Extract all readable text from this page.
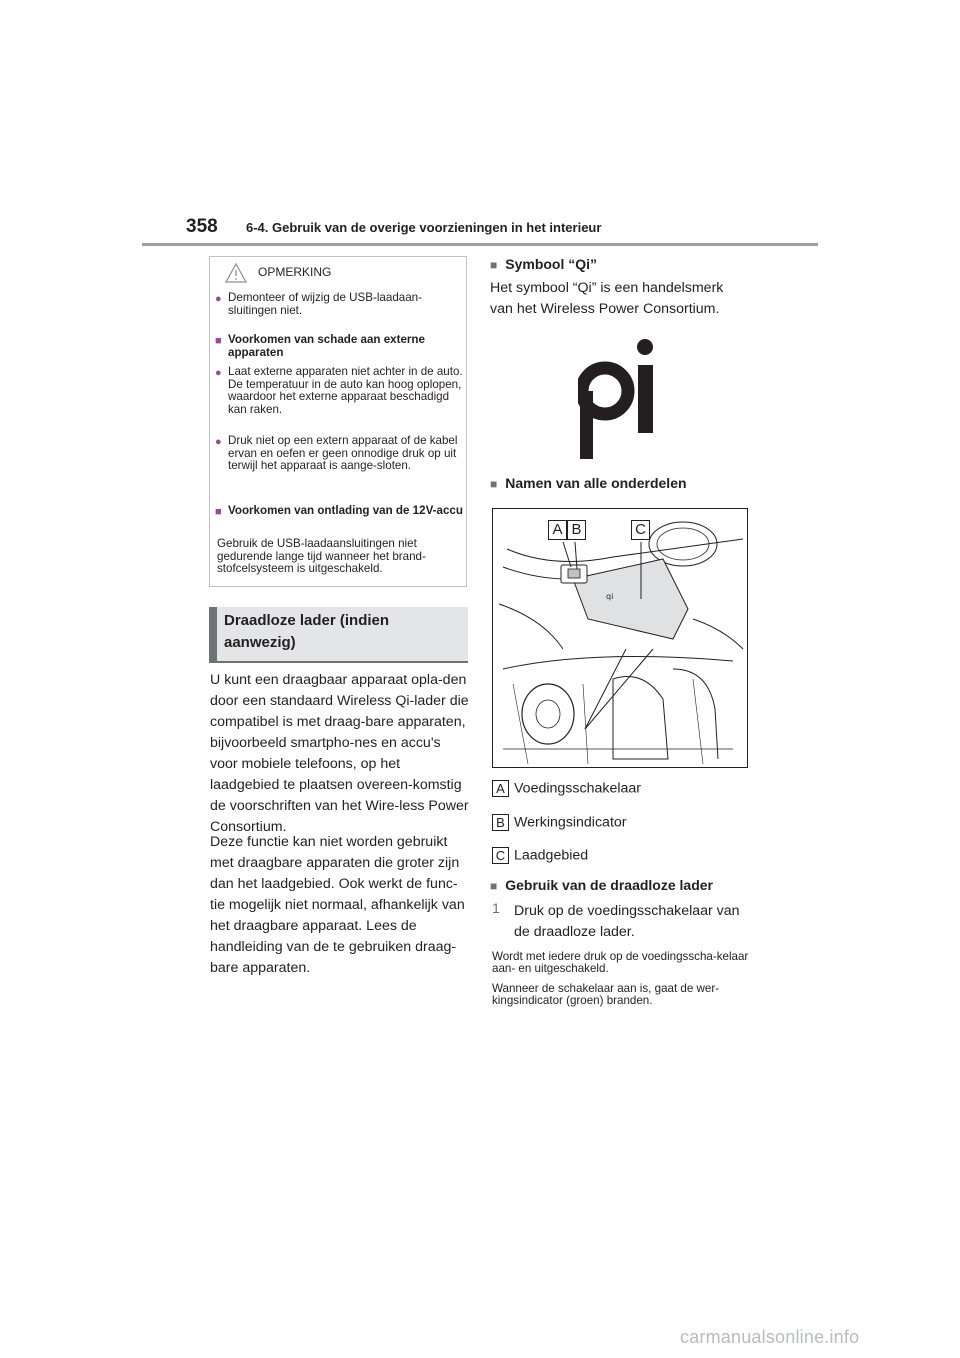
358 6-4. Gebruik van de overige voorzieningen in het interieur
OPMERKING
● Demonteer of wijzig de USB-laadaan-sluitingen niet.
■ Voorkomen van schade aan externe apparaten
● Laat externe apparaten niet achter in de auto. De temperatuur in de auto kan hoog oplopen, waardoor het externe apparaat beschadigd kan raken.
● Druk niet op een extern apparaat of de kabel ervan en oefen er geen onnodige druk op uit terwijl het apparaat is aange-sloten.
■ Voorkomen van ontlading van de 12V-accu
Gebruik de USB-laadaansluitingen niet gedurende lange tijd wanneer het brand-stofcelsysteem is uitgeschakeld.
Draadloze lader (indien aanwezig)
U kunt een draagbaar apparaat opla-den door een standaard Wireless Qi-lader die compatibel is met draag-bare apparaten, bijvoorbeeld smartpho-nes en accu's voor mobiele telefoons, op het laadgebied te plaatsen overeen-komstig de voorschriften van het Wire-less Power Consortium.
Deze functie kan niet worden gebruikt met draagbare apparaten die groter zijn dan het laadgebied. Ook werkt de func-tie mogelijk niet normaal, afhankelijk van het draagbare apparaat. Lees de handleiding van de te gebruiken draag-bare apparaten.
■ Symbool “Qi”
Het symbool “Qi” is een handelsmerk van het Wireless Power Consortium.
■ Namen van alle onderdelen
qi
A B	C
A Voedingsschakelaar
B Werkingsindicator
C Laadgebied
■ Gebruik van de draadloze lader
1 Druk op de voedingsschakelaar van de draadloze lader.
Wordt met iedere druk op de voedingsscha-kelaar aan- en uitgeschakeld.
Wanneer de schakelaar aan is, gaat de wer-kingsindicator (groen) branden.
carmanualsonline.info
